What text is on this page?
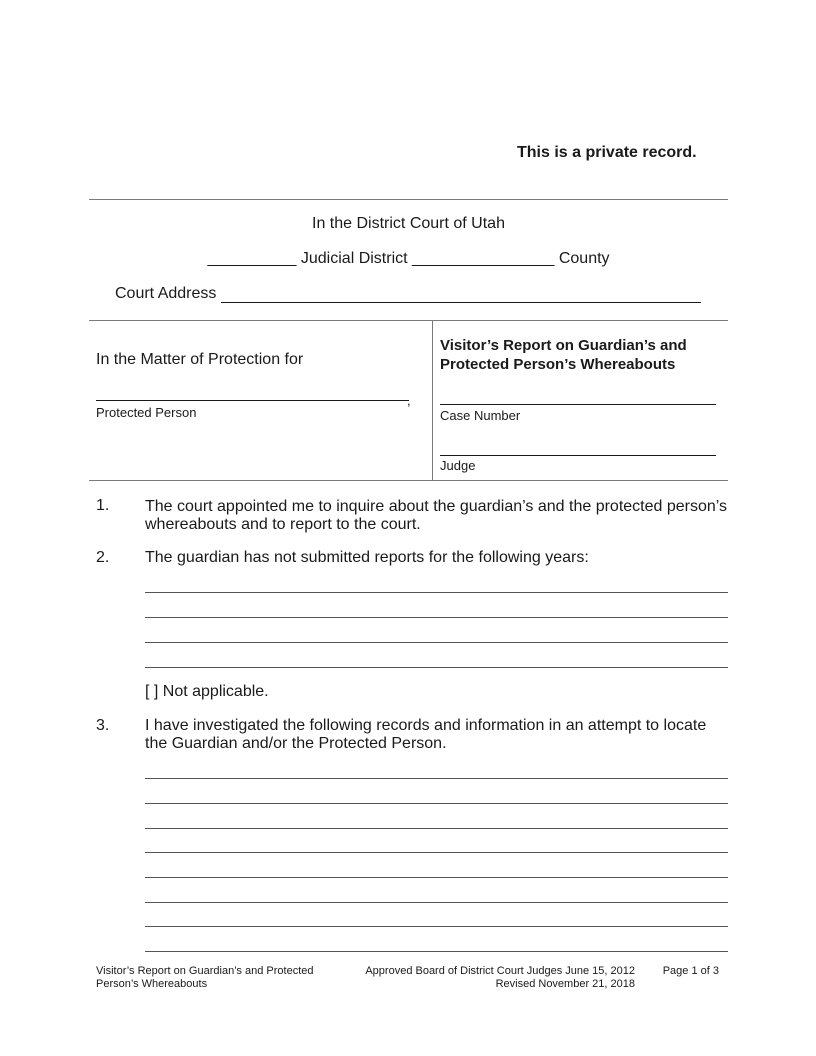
This is a private record.
In the District Court of Utah
__________ Judicial District ________________ County
Court Address
In the Matter of Protection for
,
Protected Person
Visitor’s Report on Guardian’s and Protected Person’s Whereabouts
Case Number
Judge
1. The court appointed me to inquire about the guardian’s and the protected person’s whereabouts and to report to the court.
2. The guardian has not submitted reports for the following years:
[ ] Not applicable.
3. I have investigated the following records and information in an attempt to locate the Guardian and/or the Protected Person.
Visitor’s Report on Guardian’s and Protected Person’s Whereabouts
Approved Board of District Court Judges June 15, 2012
Revised November 21, 2018
Page 1 of 3
